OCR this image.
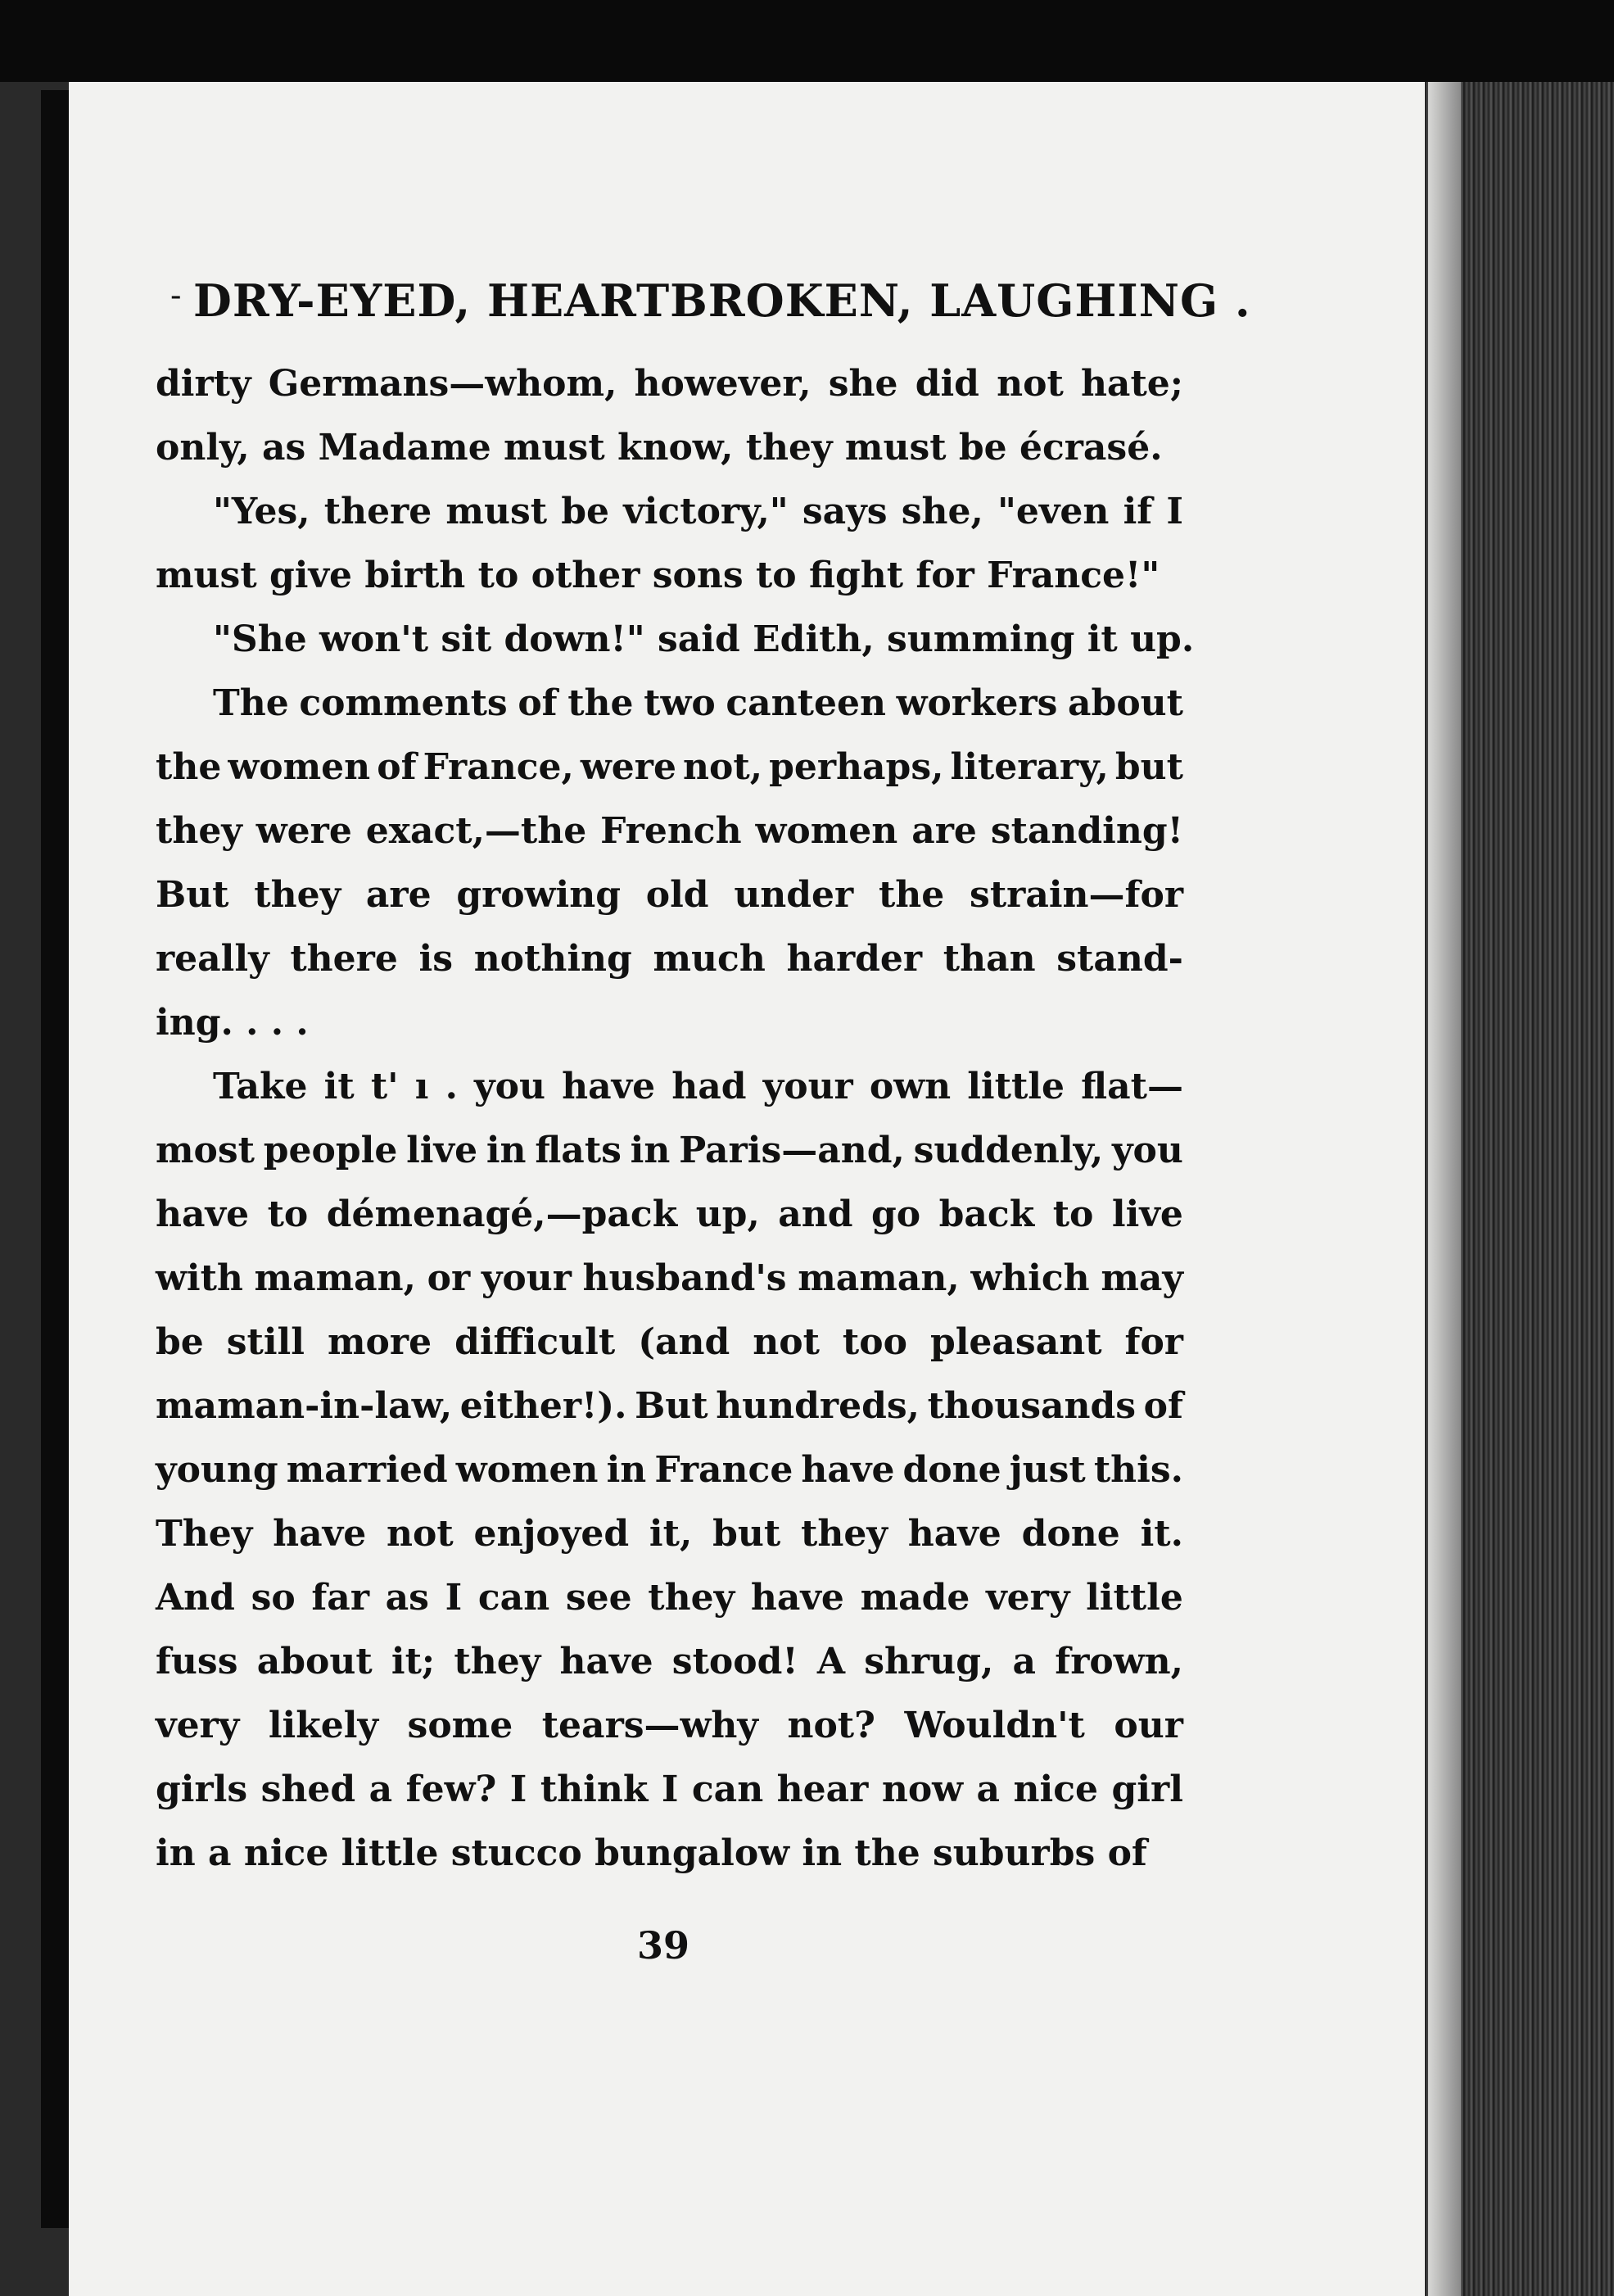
- DRY-EYED, HEARTBROKEN, LAUGHING .
dirty Germans—whom, however, she did not hate;
only, as Madame must know, they must be écrasé.
"Yes, there must be victory," says she, "even if I
must give birth to other sons to fight for France!"
"She won't sit down!" said Edith, summing it up.
The comments of the two canteen workers about
the women of France, were not, perhaps, literary, but
they were exact,—the French women are standing!
But they are growing old under the strain—for
really there is nothing much harder than stand-
ing. . . .
Take it t' ı . you have had your own little flat—
most people live in flats in Paris—and, suddenly, you
have to démenagé,—pack up, and go back to live
with maman, or your husband's maman, which may
be still more difficult (and not too pleasant for
maman-in-law, either!). But hundreds, thousands of
young married women in France have done just this.
They have not enjoyed it, but they have done it.
And so far as I can see they have made very little
fuss about it; they have stood! A shrug, a frown,
very likely some tears—why not? Wouldn't our
girls shed a few? I think I can hear now a nice girl
in a nice little stucco bungalow in the suburbs of
39
